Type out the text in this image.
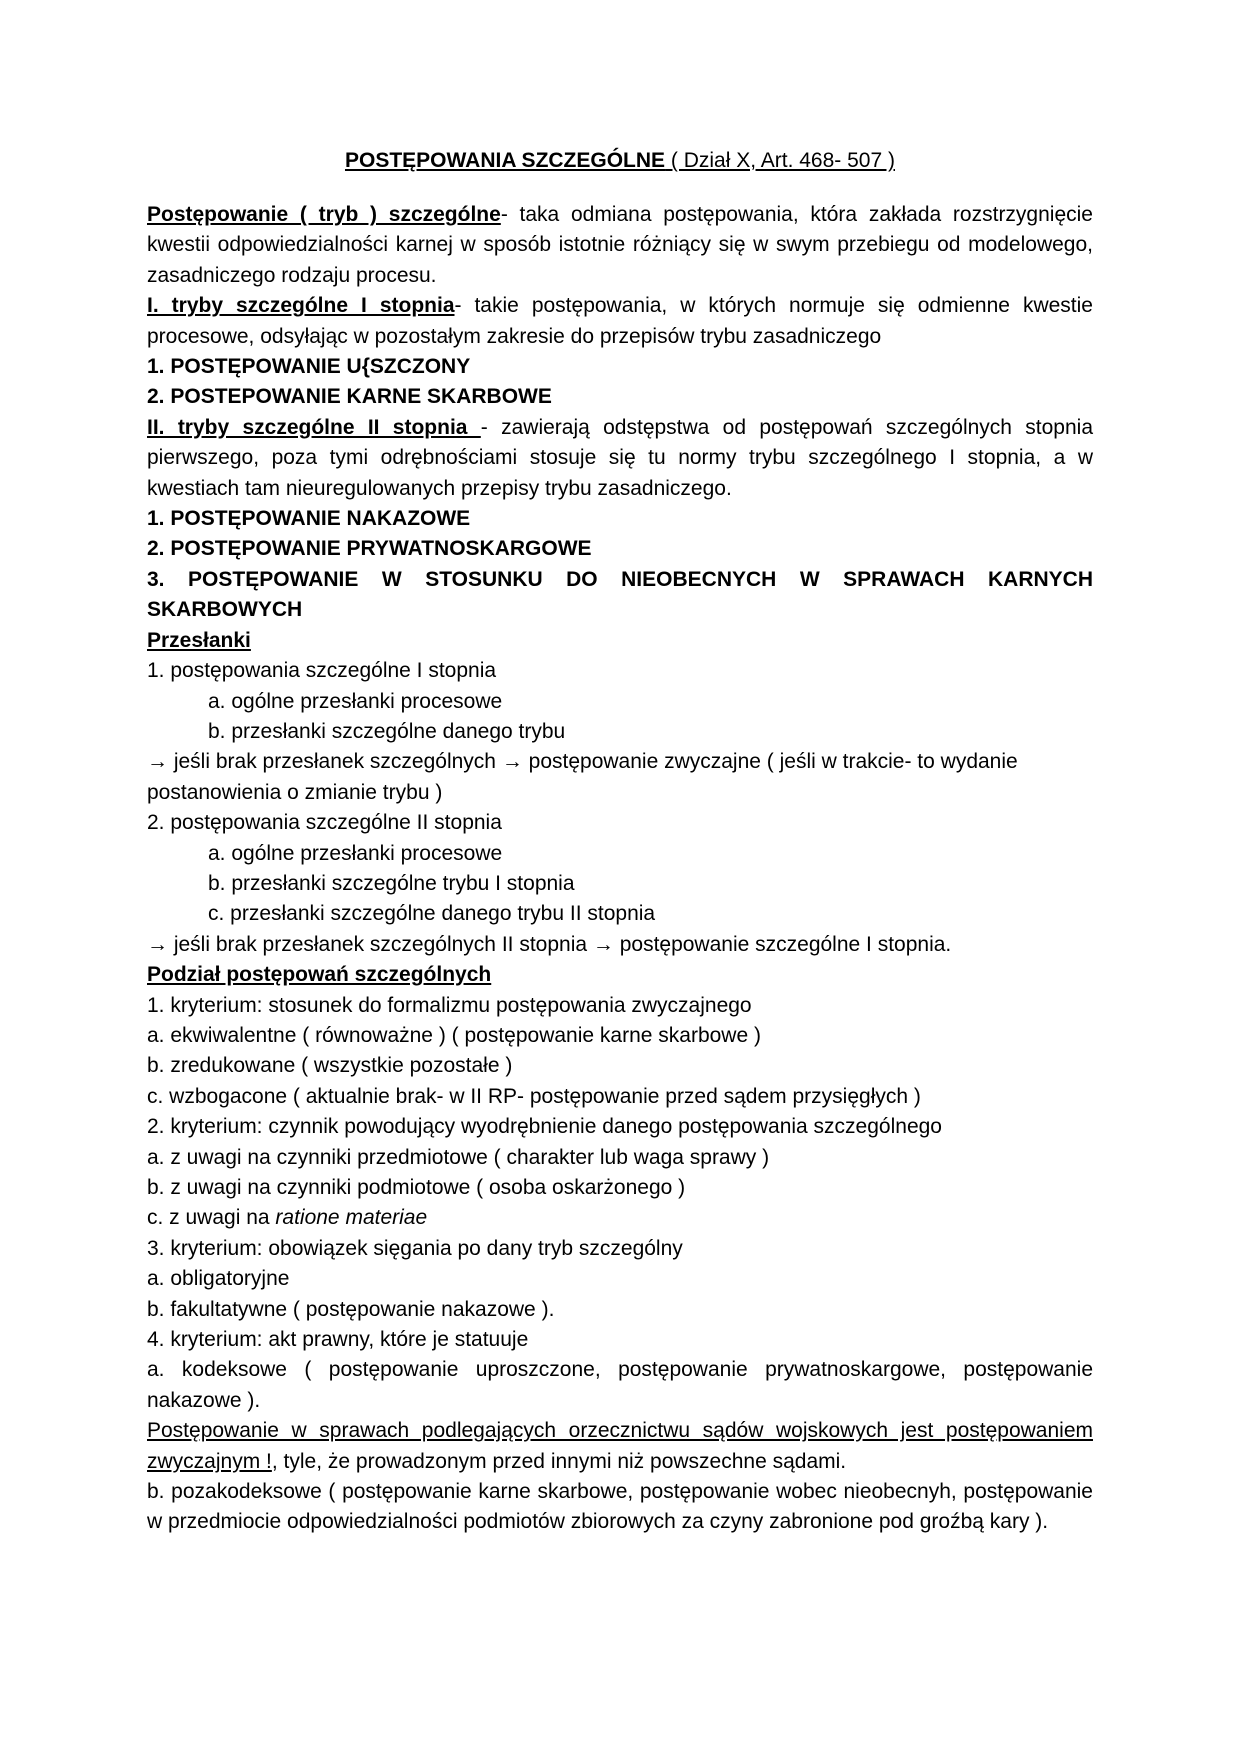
POSTĘPOWANIA SZCZEGÓLNE ( Dział X, Art. 468- 507 )

Postępowanie ( tryb ) szczególne- taka odmiana postępowania, która zakłada rozstrzygnięcie kwestii odpowiedzialności karnej w sposób istotnie różniący się w swym przebiegu od modelowego, zasadniczego rodzaju procesu.

I. tryby szczególne I stopnia- takie postępowania, w których normuje się odmienne kwestie procesowe, odsyłając w pozostałym zakresie do przepisów trybu zasadniczego

1. POSTĘPOWANIE U{SZCZONY

2. POSTEPOWANIE KARNE SKARBOWE

II. tryby szczególne II stopnia - zawierają odstępstwa od postępowań szczególnych stopnia pierwszego, poza tymi odrębnościami stosuje się tu normy trybu szczególnego I stopnia, a w kwestiach tam nieuregulowanych przepisy trybu zasadniczego.

1. POSTĘPOWANIE NAKAZOWE

2. POSTĘPOWANIE PRYWATNOSKARGOWE

3. POSTĘPOWANIE W STOSUNKU DO NIEOBECNYCH W SPRAWACH KARNYCH SKARBOWYCH

Przesłanki

1. postępowania szczególne I stopnia

a. ogólne przesłanki procesowe

b. przesłanki szczególne danego trybu

→ jeśli brak przesłanek szczególnych → postępowanie zwyczajne ( jeśli w trakcie- to wydanie postanowienia o zmianie trybu )

2. postępowania szczególne II stopnia

a. ogólne przesłanki procesowe

b. przesłanki szczególne trybu I stopnia

c. przesłanki szczególne danego trybu II stopnia

→ jeśli brak przesłanek szczególnych II stopnia → postępowanie szczególne I stopnia.

Podział postępowań szczególnych

1. kryterium: stosunek do formalizmu postępowania zwyczajnego

a. ekwiwalentne ( równoważne ) ( postępowanie karne skarbowe )

b. zredukowane ( wszystkie pozostałe )

c. wzbogacone ( aktualnie brak- w II RP- postępowanie przed sądem przysięgłych )

2. kryterium: czynnik powodujący wyodrębnienie danego postępowania szczególnego

a. z uwagi na czynniki przedmiotowe ( charakter lub waga sprawy )

b. z uwagi na czynniki podmiotowe ( osoba oskarżonego )

c. z uwagi na ratione materiae

3. kryterium: obowiązek sięgania po dany tryb szczególny

a. obligatoryjne

b. fakultatywne ( postępowanie nakazowe ).

4. kryterium: akt prawny, które je statuuje

a. kodeksowe ( postępowanie uproszczone, postępowanie prywatnoskargowe, postępowanie nakazowe ).

Postępowanie w sprawach podlegających orzecznictwu sądów wojskowych jest postępowaniem zwyczajnym !, tyle, że prowadzonym przed innymi niż powszechne sądami.

b. pozakodeksowe ( postępowanie karne skarbowe, postępowanie wobec nieobecnyh, postępowanie w przedmiocie odpowiedzialności podmiotów zbiorowych za czyny zabronione pod groźbą kary ).
